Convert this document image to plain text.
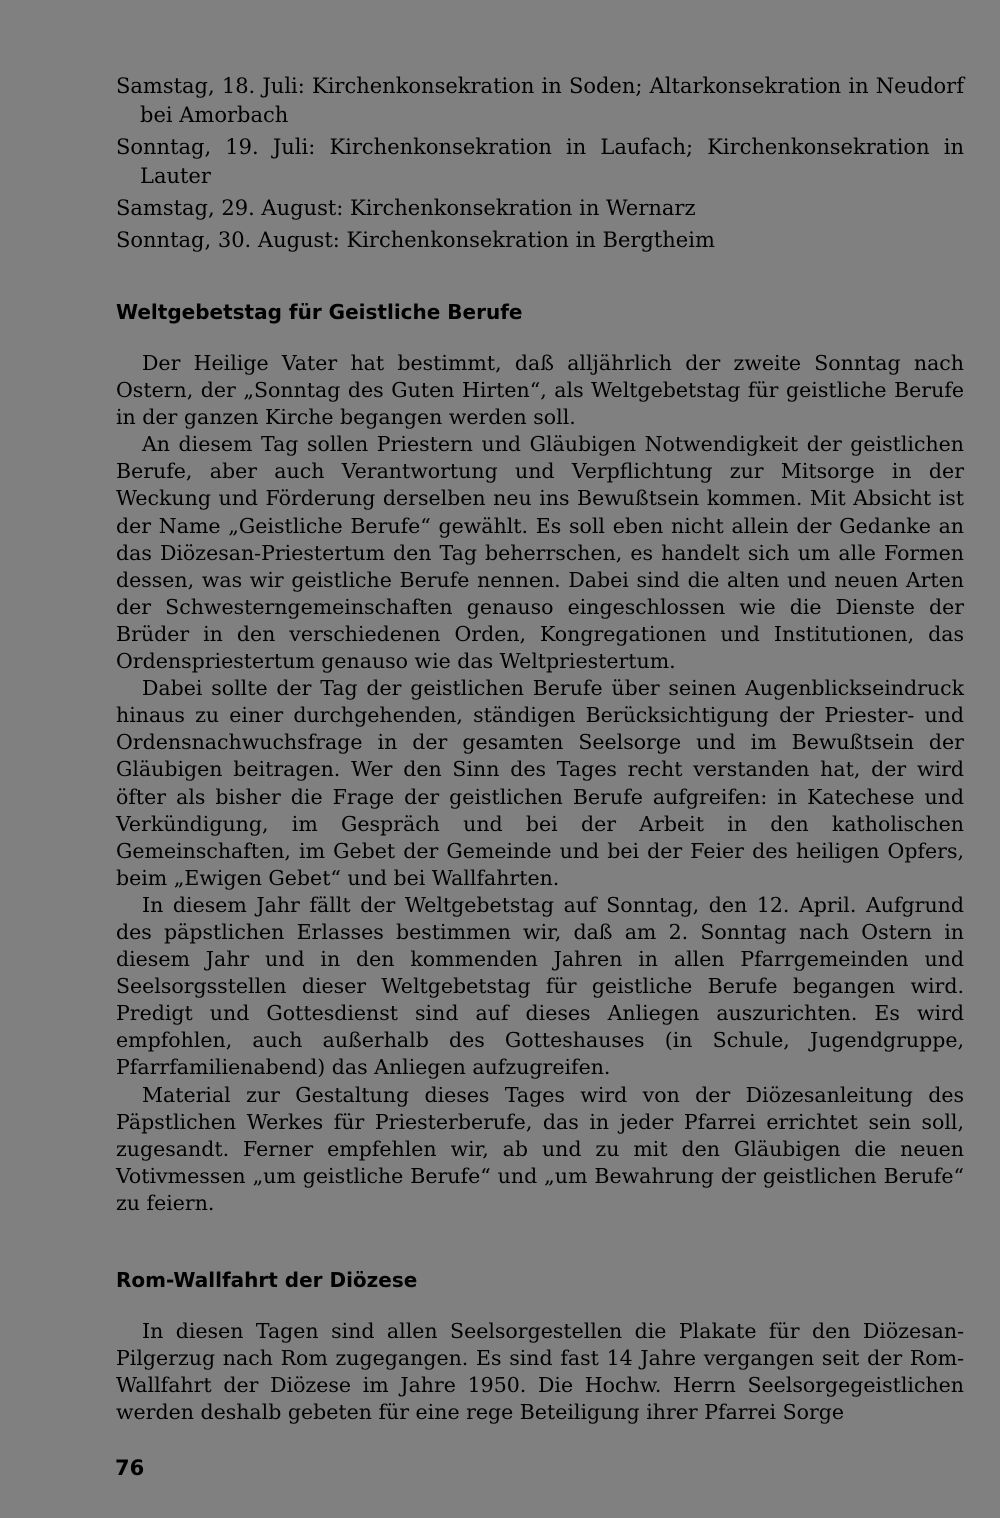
Samstag, 18. Juli: Kirchenkonsekration in Soden; Altarkonsekration in Neudorf bei Amorbach

Sonntag, 19. Juli: Kirchenkonsekration in Laufach; Kirchenkonsekration in Lauter

Samstag, 29. August: Kirchenkonsekration in Wernarz

Sonntag, 30. August: Kirchenkonsekration in Bergtheim

Weltgebetstag für Geistliche Berufe

Der Heilige Vater hat bestimmt, daß alljährlich der zweite Sonntag nach Ostern, der „Sonntag des Guten Hirten“, als Weltgebetstag für geistliche Berufe in der ganzen Kirche begangen werden soll.

An diesem Tag sollen Priestern und Gläubigen Notwendigkeit der geistlichen Berufe, aber auch Verantwortung und Verpflichtung zur Mitsorge in der Weckung und Förderung derselben neu ins Bewußtsein kommen. Mit Absicht ist der Name „Geistliche Berufe“ gewählt. Es soll eben nicht allein der Gedanke an das Diözesan-Priestertum den Tag beherrschen, es handelt sich um alle Formen dessen, was wir geistliche Berufe nennen. Dabei sind die alten und neuen Arten der Schwesterngemeinschaften genauso eingeschlossen wie die Dienste der Brüder in den verschiedenen Orden, Kongregationen und Institutionen, das Ordenspriestertum genauso wie das Weltpriestertum.

Dabei sollte der Tag der geistlichen Berufe über seinen Augenblickseindruck hinaus zu einer durchgehenden, ständigen Berücksichtigung der Priester- und Ordensnachwuchsfrage in der gesamten Seelsorge und im Bewußtsein der Gläubigen beitragen. Wer den Sinn des Tages recht verstanden hat, der wird öfter als bisher die Frage der geistlichen Berufe aufgreifen: in Katechese und Verkündigung, im Gespräch und bei der Arbeit in den katholischen Gemeinschaften, im Gebet der Gemeinde und bei der Feier des heiligen Opfers, beim „Ewigen Gebet“ und bei Wallfahrten.

In diesem Jahr fällt der Weltgebetstag auf Sonntag, den 12. April. Aufgrund des päpstlichen Erlasses bestimmen wir, daß am 2. Sonntag nach Ostern in diesem Jahr und in den kommenden Jahren in allen Pfarrgemeinden und Seelsorgsstellen dieser Weltgebetstag für geistliche Berufe begangen wird. Predigt und Gottesdienst sind auf dieses Anliegen auszurichten. Es wird empfohlen, auch außerhalb des Gotteshauses (in Schule, Jugendgruppe, Pfarrfamilienabend) das Anliegen aufzugreifen.

Material zur Gestaltung dieses Tages wird von der Diözesanleitung des Päpstlichen Werkes für Priesterberufe, das in jeder Pfarrei errichtet sein soll, zugesandt. Ferner empfehlen wir, ab und zu mit den Gläubigen die neuen Votivmessen „um geistliche Berufe“ und „um Bewahrung der geistlichen Berufe“ zu feiern.

Rom-Wallfahrt der Diözese

In diesen Tagen sind allen Seelsorgestellen die Plakate für den Diözesan-Pilgerzug nach Rom zugegangen. Es sind fast 14 Jahre vergangen seit der Rom-Wallfahrt der Diözese im Jahre 1950. Die Hochw. Herrn Seelsorgegeistlichen werden deshalb gebeten für eine rege Beteiligung ihrer Pfarrei Sorge

76
